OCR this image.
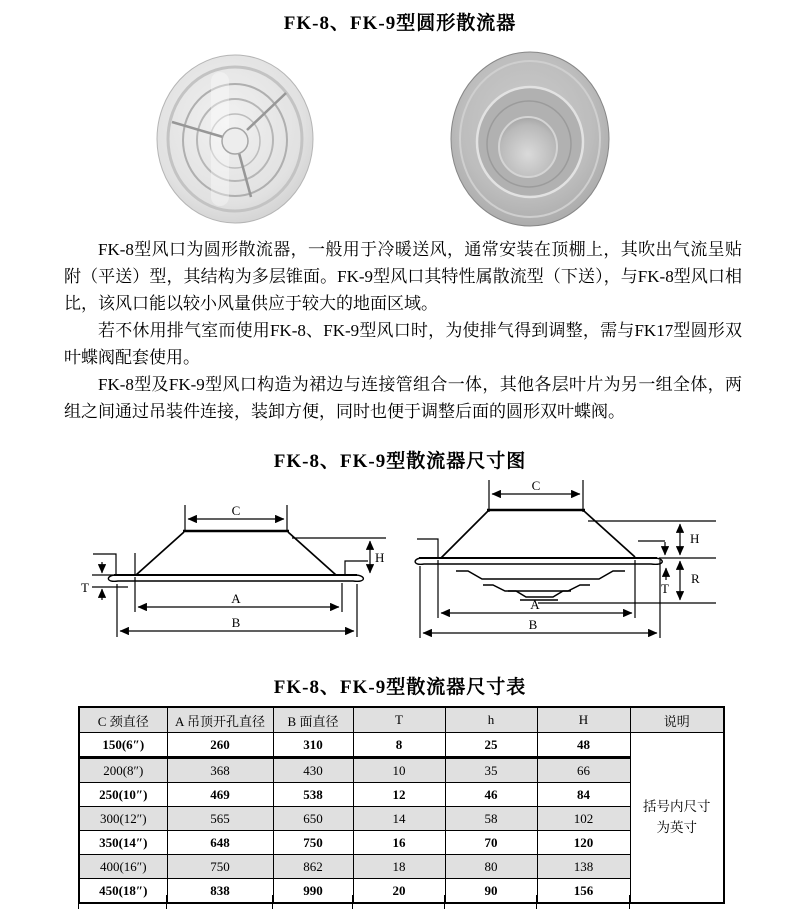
FK-8、FK-9型圆形散流器

FK-8型风口为圆形散流器，一般用于冷暖送风，通常安装在顶棚上，其吹出气流呈贴附（平送）型，其结构为多层锥面。FK-9型风口其特性属散流型（下送），与FK-8型风口相比，该风口能以较小风量供应于较大的地面区域。

若不休用排气室而使用FK-8、FK-9型风口时，为使排气得到调整，需与FK17型圆形双叶蝶阀配套使用。

FK-8型及FK-9型风口构造为裙边与连接管组合一体，其他各层叶片为另一组全体，两组之间通过吊装件连接，装卸方便，同时也便于调整后面的圆形双叶蝶阀。

FK-8、FK-9型散流器尺寸图
C
H
T
A
B
C
H
R
T
A
B
FK-8、FK-9型散流器尺寸表
C 颈直径	A 吊顶开孔直径	B 面直径	T	h	H	说明
150(6″)	260	310	8	25	48	括号内尺寸为英寸
200(8″)	368	430	10	35	66	
250(10″)	469	538	12	46	84	
300(12″)	565	650	14	58	102	
350(14″)	648	750	16	70	120	
400(16″)	750	862	18	80	138	
450(18″)	838	990	20	90	156	
